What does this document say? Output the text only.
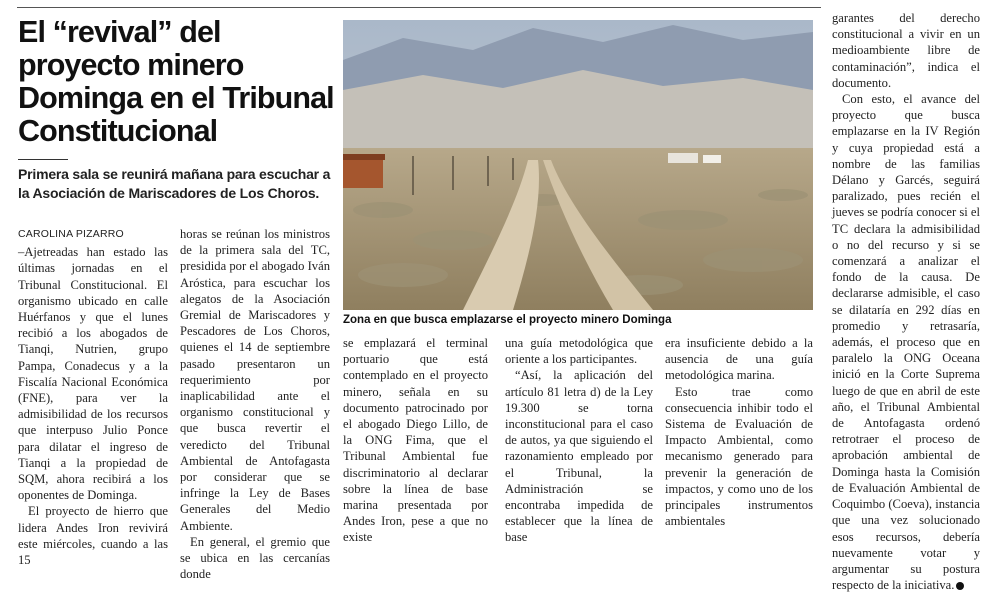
El “revival” del proyecto minero Dominga en el Tribunal Constitucional
Primera sala se reunirá mañana para escuchar a la Asociación de Mariscadores de Los Choros.
Zona en que busca emplazarse el proyecto minero Dominga
CAROLINA PIZARRO

–Ajetreadas han estado las últimas jornadas en el Tribunal Constitucional. El organismo ubicado en calle Huérfanos y que el lunes recibió a los abogados de Tianqi, Nutrien, grupo Pampa, Conadecus y a la Fiscalía Nacional Económica (FNE), para ver la admisibilidad de los recursos que interpuso Julio Ponce para dilatar el ingreso de Tianqi a la propiedad de SQM, ahora recibirá a los oponentes de Dominga.

El proyecto de hierro que lidera Andes Iron revivirá este miércoles, cuando a las 15

horas se reúnan los ministros de la primera sala del TC, presidida por el abogado Iván Aróstica, para escuchar los alegatos de la Asociación Gremial de Mariscadores y Pescadores de Los Choros, quienes el 14 de septiembre pasado presentaron un requerimiento por inaplicabilidad ante el organismo constitucional y que busca revertir el veredicto del Tribunal Ambiental de Antofagasta por considerar que se infringe la Ley de Bases Generales del Medio Ambiente.

En general, el gremio que se ubica en las cercanías donde

se emplazará el terminal portuario que está contemplado en el proyecto minero, señala en su documento patrocinado por el abogado Diego Lillo, de la ONG Fima, que el Tribunal Ambiental fue discriminatorio al declarar sobre la línea de base marina presentada por Andes Iron, pese a que no existe

una guía metodológica que oriente a los participantes.

“Así, la aplicación del artículo 81 letra d) de la Ley 19.300 se torna inconstitucional para el caso de autos, ya que siguiendo el razonamiento empleado por el Tribunal, la Administración se encontraba impedida de establecer que la línea de base

era insuficiente debido a la ausencia de una guía metodológica marina.

Esto trae como consecuencia inhibir todo el Sistema de Evaluación de Impacto Ambiental, como mecanismo generado para prevenir la generación de impactos, y como uno de los principales instrumentos ambientales

garantes del derecho constitucional a vivir en un medioambiente libre de contaminación”, indica el documento.

Con esto, el avance del proyecto que busca emplazarse en la IV Región y cuya propiedad está a nombre de las familias Délano y Garcés, seguirá paralizado, pues recién el jueves se podría conocer si el TC declara la admisibilidad o no del recurso y si se comenzará a analizar el fondo de la causa. De declararse admisible, el caso se dilataría en 292 días en promedio y retrasaría, además, el proceso que en paralelo la ONG Oceana inició en la Corte Suprema luego de que en abril de este año, el Tribunal Ambiental de Antofagasta ordenó retrotraer el proceso de aprobación ambiental de Dominga hasta la Comisión de Evaluación Ambiental de Coquimbo (Coeva), instancia que una vez solucionado esos recursos, debería nuevamente votar y argumentar su postura respecto de la iniciativa.
